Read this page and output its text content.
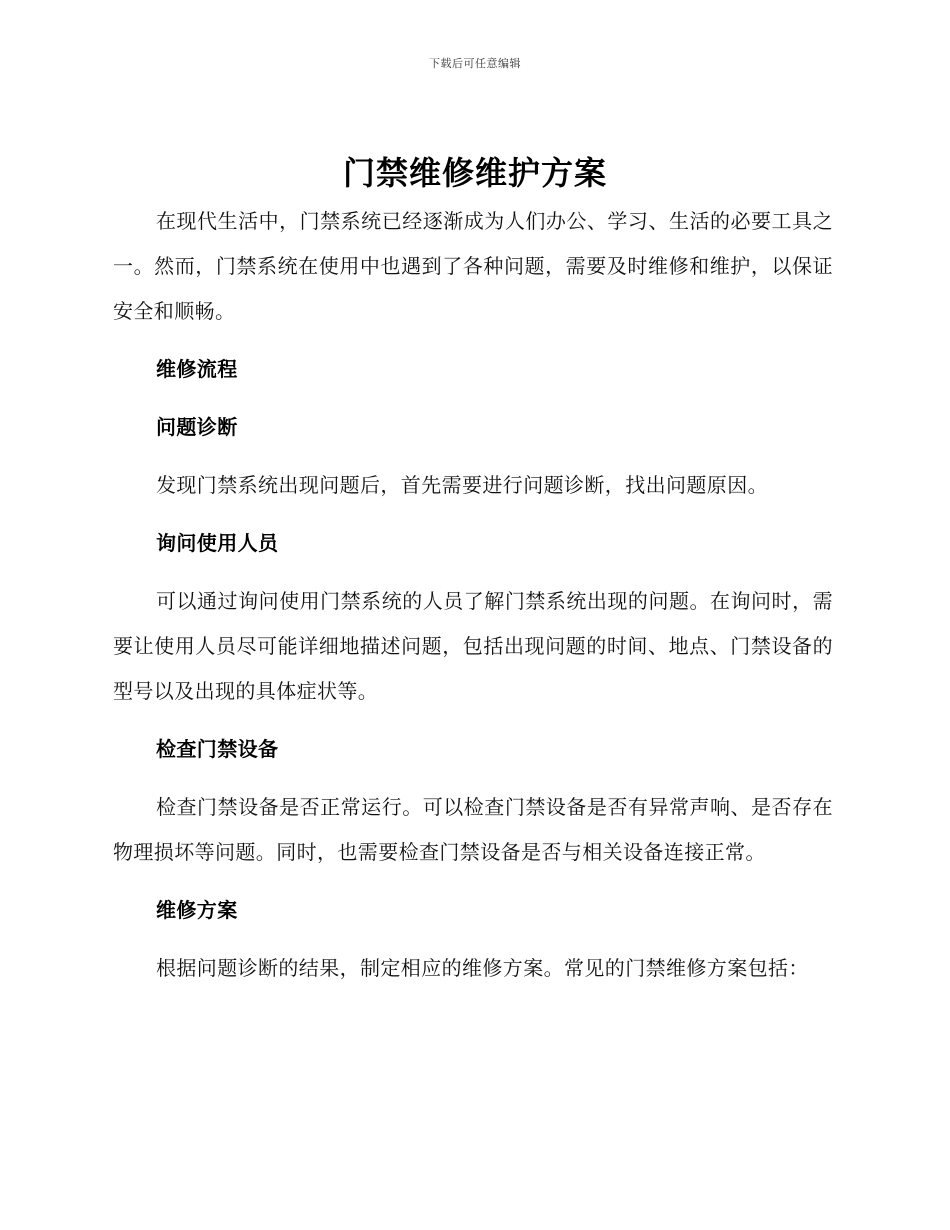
下载后可任意编辑
门禁维修维护方案

在现代生活中，门禁系统已经逐渐成为人们办公、学习、生活的必要工具之一。然而，门禁系统在使用中也遇到了各种问题，需要及时维修和维护，以保证安全和顺畅。

维修流程
问题诊断

发现门禁系统出现问题后，首先需要进行问题诊断，找出问题原因。

询问使用人员

可以通过询问使用门禁系统的人员了解门禁系统出现的问题。在询问时，需要让使用人员尽可能详细地描述问题，包括出现问题的时间、地点、门禁设备的型号以及出现的具体症状等。

检查门禁设备

检查门禁设备是否正常运行。可以检查门禁设备是否有异常声响、是否存在物理损坏等问题。同时，也需要检查门禁设备是否与相关设备连接正常。

维修方案

根据问题诊断的结果，制定相应的维修方案。常见的门禁维修方案包括：
